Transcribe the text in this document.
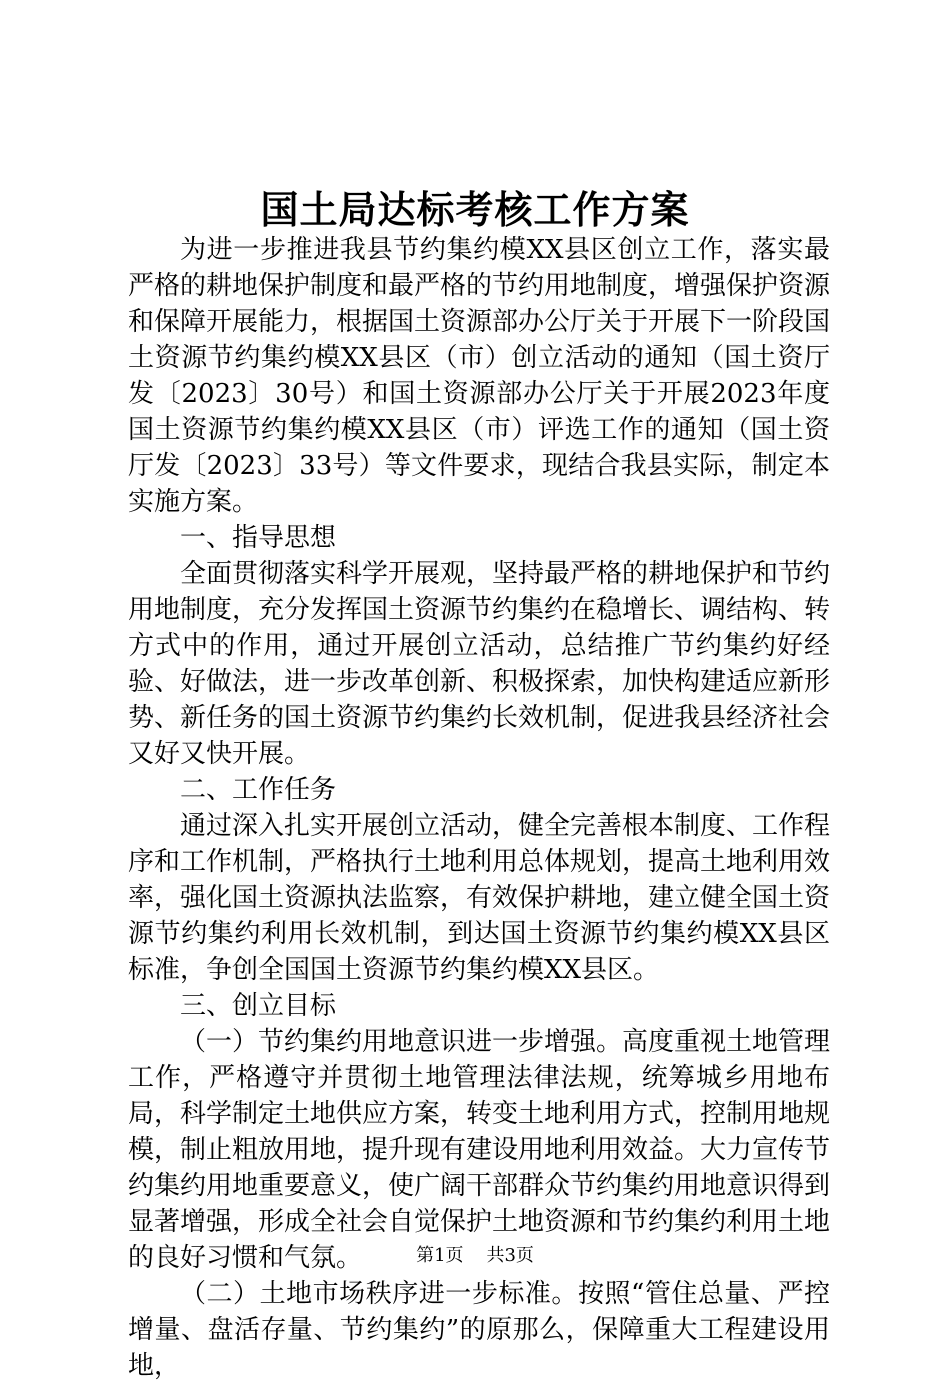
国土局达标考核工作方案

为进一步推进我县节约集约模XX县区创立工作，落实最严格的耕地保护制度和最严格的节约用地制度，增强保护资源和保障开展能力，根据国土资源部办公厅关于开展下一阶段国土资源节约集约模XX县区（市）创立活动的通知（国土资厅发〔2023〕30号）和国土资源部办公厅关于开展2023年度国土资源节约集约模XX县区（市）评选工作的通知（国土资厅发〔2023〕33号）等文件要求，现结合我县实际，制定本实施方案。

一、指导思想

全面贯彻落实科学开展观，坚持最严格的耕地保护和节约用地制度，充分发挥国土资源节约集约在稳增长、调结构、转方式中的作用，通过开展创立活动，总结推广节约集约好经验、好做法，进一步改革创新、积极探索，加快构建适应新形势、新任务的国土资源节约集约长效机制，促进我县经济社会又好又快开展。

二、工作任务

通过深入扎实开展创立活动，健全完善根本制度、工作程序和工作机制，严格执行土地利用总体规划，提高土地利用效率，强化国土资源执法监察，有效保护耕地，建立健全国土资源节约集约利用长效机制，到达国土资源节约集约模XX县区标准，争创全国国土资源节约集约模XX县区。

三、创立目标

（一）节约集约用地意识进一步增强。高度重视土地管理工作，严格遵守并贯彻土地管理法律法规，统筹城乡用地布局，科学制定土地供应方案，转变土地利用方式，控制用地规模，制止粗放用地，提升现有建设用地利用效益。大力宣传节约集约用地重要意义，使广阔干部群众节约集约用地意识得到显著增强，形成全社会自觉保护土地资源和节约集约利用土地的良好习惯和气氛。

（二）土地市场秩序进一步标准。按照“管住总量、严控增量、盘活存量、节约集约”的原那么，保障重大工程建设用地，

第1页 共3页
